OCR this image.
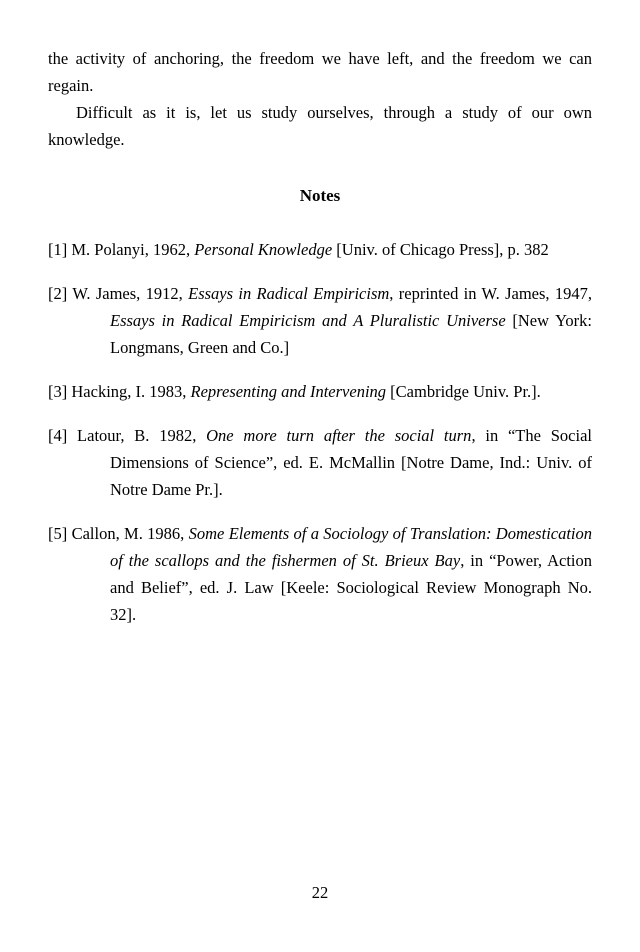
the activity of anchoring, the freedom we have left, and the freedom we can regain.

Difficult as it is, let us study ourselves, through a study of our own knowledge.

Notes
[1] M. Polanyi, 1962, Personal Knowledge [Univ. of Chicago Press], p. 382
[2] W. James, 1912, Essays in Radical Empiricism, reprinted in W. James, 1947, Essays in Radical Empiricism and A Pluralistic Universe [New York: Longmans, Green and Co.]
[3] Hacking, I. 1983, Representing and Intervening [Cambridge Univ. Pr.].
[4] Latour, B. 1982, One more turn after the social turn, in “The Social Dimensions of Science”, ed. E. McMallin [Notre Dame, Ind.: Univ. of Notre Dame Pr.].
[5] Callon, M. 1986, Some Elements of a Sociology of Translation: Domestication of the scallops and the fishermen of St. Brieux Bay, in “Power, Action and Belief”, ed. J. Law [Keele: Sociological Review Monograph No. 32].
22
